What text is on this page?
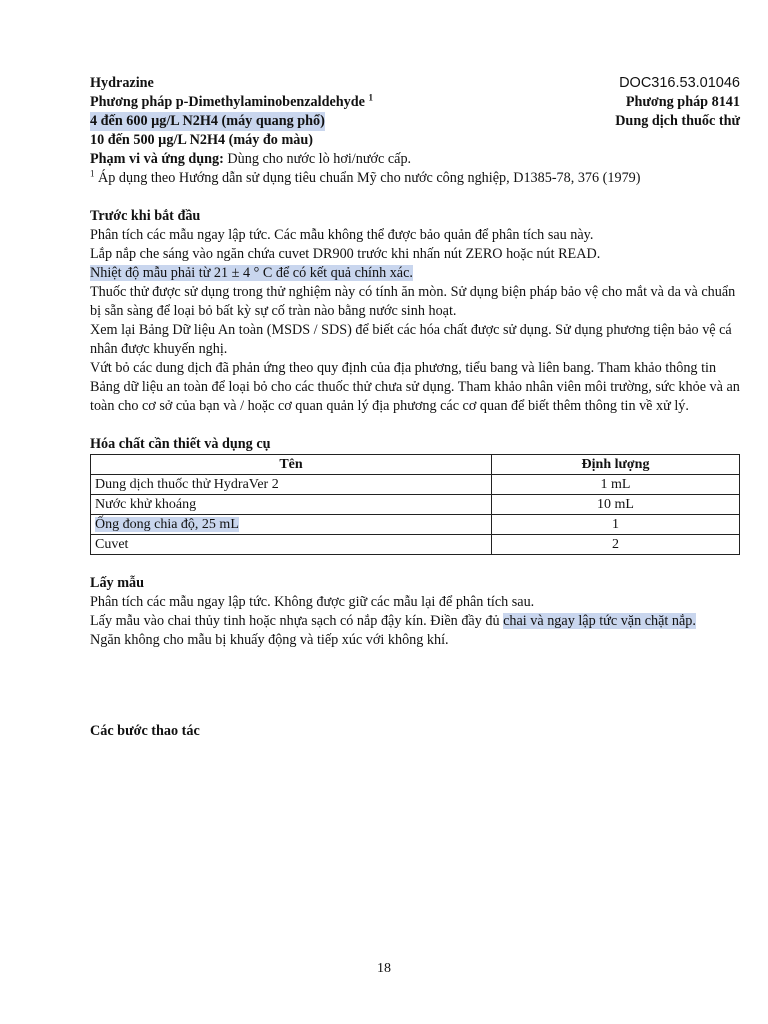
Hydrazine	DOC316.53.01046
Phương pháp p-Dimethylaminobenzaldehyde $^1$	Phương pháp 8141
4 đến 600 µg/L N2H4 (máy quang phổ)	Dung dịch thuốc thử

10 đến 500 µg/L N2H4 (máy đo màu)

Phạm vi và ứng dụng: Dùng cho nước lò hơi/nước cấp.

$^1$ Áp dụng theo Hướng dẫn sử dụng tiêu chuẩn Mỹ cho nước công nghiệp, D1385-78, 376 (1979)

Trước khi bắt đầu

Phân tích các mẫu ngay lập tức. Các mẫu không thể được bảo quản để phân tích sau này.

Lắp nắp che sáng vào ngăn chứa cuvet DR900 trước khi nhấn nút ZERO hoặc nút READ.

Nhiệt độ mẫu phải từ 21 ± 4 ° C để có kết quả chính xác.

Thuốc thử được sử dụng trong thử nghiệm này có tính ăn mòn. Sử dụng biện pháp bảo vệ cho mắt và da và chuẩn bị sẵn sàng để loại bỏ bất kỳ sự cố tràn nào bằng nước sinh hoạt.

Xem lại Bảng Dữ liệu An toàn (MSDS / SDS) để biết các hóa chất được sử dụng. Sử dụng phương tiện bảo vệ cá nhân được khuyến nghị.

Vứt bỏ các dung dịch đã phản ứng theo quy định của địa phương, tiểu bang và liên bang. Tham khảo thông tin Bảng dữ liệu an toàn để loại bỏ cho các thuốc thử chưa sử dụng. Tham khảo nhân viên môi trường, sức khỏe và an toàn cho cơ sở của bạn và / hoặc cơ quan quản lý địa phương các cơ quan để biết thêm thông tin về xử lý.

Hóa chất cần thiết và dụng cụ

Tên	Định lượng
Dung dịch thuốc thử HydraVer 2	1 mL
Nước khử khoáng	10 mL
Ống đong chia độ, 25 mL	1
Cuvet	2

Lấy mẫu

Phân tích các mẫu ngay lập tức. Không được giữ các mẫu lại để phân tích sau.

Lấy mẫu vào chai thủy tinh hoặc nhựa sạch có nắp đậy kín. Điền đầy đủ chai và ngay lập tức vặn chặt nắp.

Ngăn không cho mẫu bị khuấy động và tiếp xúc với không khí.

Các bước thao tác

18
